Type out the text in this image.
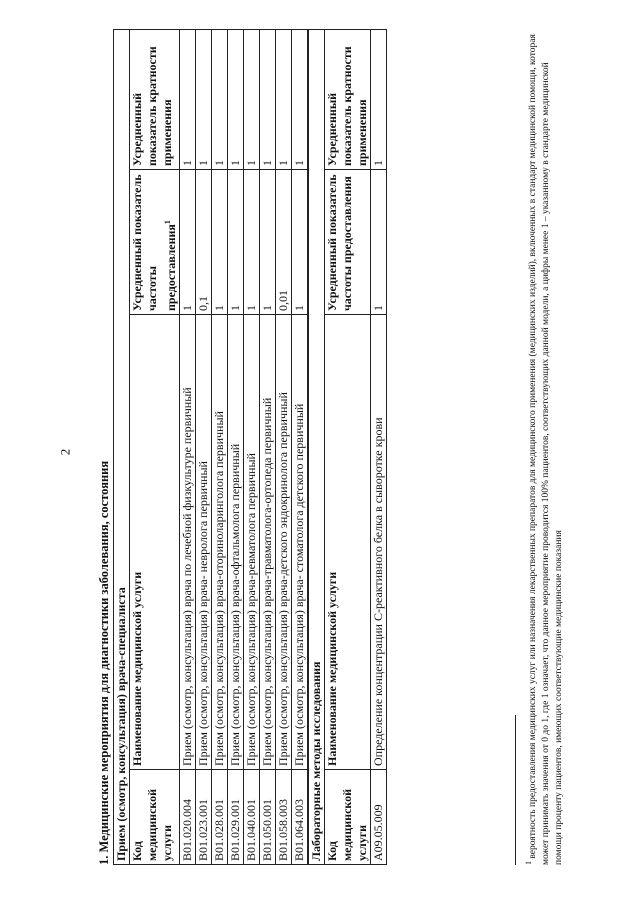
2
1. Медицинские мероприятия для диагностики заболевания, состояния Прием (осмотр, консультация) врача-специалиста			
Код медицинской услуги	Наименование медицинской услуги	Усредненный показатель частоты предоставления$^1$	Усредненный показатель кратности применения
B01.020.004	Прием (осмотр, консультация) врача по лечебной физкультуре первичный	1	1
B01.023.001	Прием (осмотр, консультация) врача- невролога первичный	0,1	1
B01.028.001	Прием (осмотр, консультация) врача-оториноларинголога первичный	1	1
B01.029.001	Прием (осмотр, консультация) врача-офтальмолога первичный	1	1
B01.040.001	Прием (осмотр, консультация) врача-ревматолога первичный	1	1
B01.050.001	Прием (осмотр, консультация) врача-травматолога-ортопеда первичный	1	1
B01.058.003	Прием (осмотр, консультация) врача-детского эндокринолога первичный	0,01	1
B01.064.003	Прием (осмотр, консультация) врача- стоматолога детского первичный	1	1
Лабораторные методы исследования			
Код медицинской услуги	Наименование медицинской услуги	Усредненный показатель частоты предоставления	Усредненный показатель кратности применения
A09.05.009	Определение концентрации С-реактивного белка в сыворотке крови	1	1
$^1$ вероятность предоставления медицинских услуг или назначения лекарственных препаратов для медицинского применения (медицинских изделий), включенных в стандарт медицинской помощи, которая может принимать значения от 0 до 1, где 1 означает, что данное мероприятие проводится 100% пациентов, соответствующих данной модели, а цифры менее 1 – указанному в стандарте медицинской помощи проценту пациентов, имеющих соответствующие медицинские показания
